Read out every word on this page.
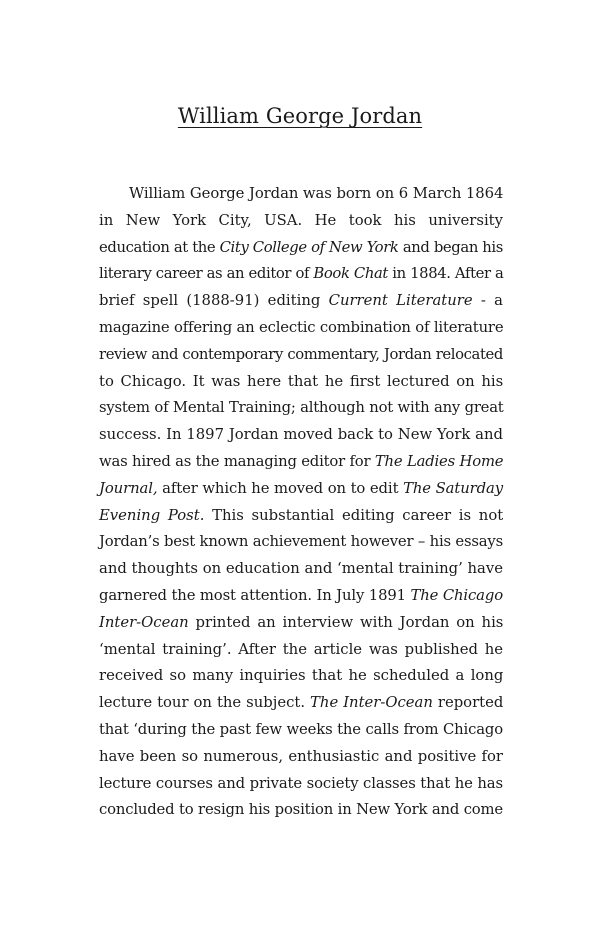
William George Jordan
William George Jordan was born on 6 March 1864
in New York City, USA. He took his university
education at the City College of New York and began his
literary career as an editor of Book Chat in 1884. After a
brief spell (1888-91) editing Current Literature - a
magazine offering an eclectic combination of literature
review and contemporary commentary, Jordan relocated
to Chicago. It was here that he first lectured on his
system of Mental Training; although not with any great
success. In 1897 Jordan moved back to New York and
was hired as the managing editor for The Ladies Home
Journal, after which he moved on to edit The Saturday
Evening Post. This substantial editing career is not
Jordan’s best known achievement however – his essays
and thoughts on education and ‘mental training’ have
garnered the most attention. In July 1891 The Chicago
Inter-Ocean printed an interview with Jordan on his
‘mental training’. After the article was published he
received so many inquiries that he scheduled a long
lecture tour on the subject. The Inter-Ocean reported
that ‘during the past few weeks the calls from Chicago
have been so numerous, enthusiastic and positive for
lecture courses and private society classes that he has
concluded to resign his position in New York and come
